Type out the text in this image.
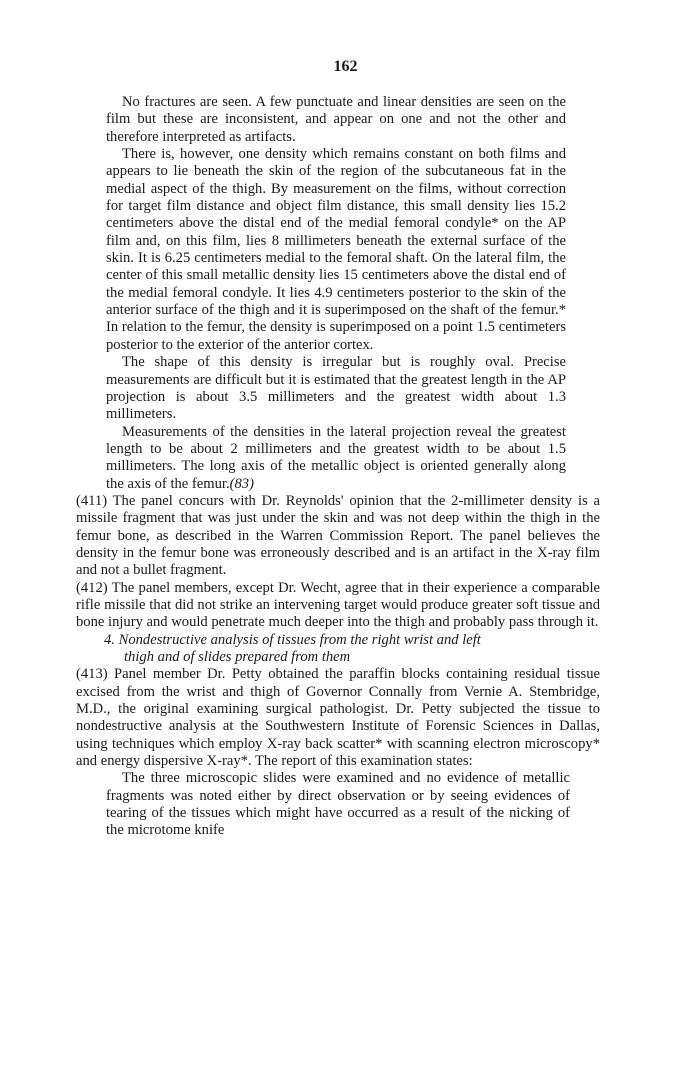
162

No fractures are seen. A few punctuate and linear densities are seen on the film but these are inconsistent, and appear on one and not the other and therefore interpreted as artifacts.

There is, however, one density which remains constant on both films and appears to lie beneath the skin of the region of the subcutaneous fat in the medial aspect of the thigh. By measurement on the films, without correction for target film distance and object film distance, this small density lies 15.2 centimeters above the distal end of the medial femoral condyle* on the AP film and, on this film, lies 8 millimeters beneath the external surface of the skin. It is 6.25 centimeters medial to the femoral shaft. On the lateral film, the center of this small metallic density lies 15 centimeters above the distal end of the medial femoral condyle. It lies 4.9 centimeters posterior to the skin of the anterior surface of the thigh and it is superimposed on the shaft of the femur.* In relation to the femur, the density is superimposed on a point 1.5 centimeters posterior to the exterior of the anterior cortex.

The shape of this density is irregular but is roughly oval. Precise measurements are difficult but it is estimated that the greatest length in the AP projection is about 3.5 millimeters and the greatest width about 1.3 millimeters.

Measurements of the densities in the lateral projection reveal the greatest length to be about 2 millimeters and the greatest width to be about 1.5 millimeters. The long axis of the metallic object is oriented generally along the axis of the femur.(83)

(411) The panel concurs with Dr. Reynolds' opinion that the 2-millimeter density is a missile fragment that was just under the skin and was not deep within the thigh in the femur bone, as described in the Warren Commission Report. The panel believes the density in the femur bone was erroneously described and is an artifact in the X-ray film and not a bullet fragment.

(412) The panel members, except Dr. Wecht, agree that in their experience a comparable rifle missile that did not strike an intervening target would produce greater soft tissue and bone injury and would penetrate much deeper into the thigh and probably pass through it.

4. Nondestructive analysis of tissues from the right wrist and left
thigh and of slides prepared from them

(413) Panel member Dr. Petty obtained the paraffin blocks containing residual tissue excised from the wrist and thigh of Governor Connally from Vernie A. Stembridge, M.D., the original examining surgical pathologist. Dr. Petty subjected the tissue to nondestructive analysis at the Southwestern Institute of Forensic Sciences in Dallas, using techniques which employ X-ray back scatter* with scanning electron microscopy* and energy dispersive X-ray*. The report of this examination states:

The three microscopic slides were examined and no evidence of metallic fragments was noted either by direct observation or by seeing evidences of tearing of the tissues which might have occurred as a result of the nicking of the microtome knife
